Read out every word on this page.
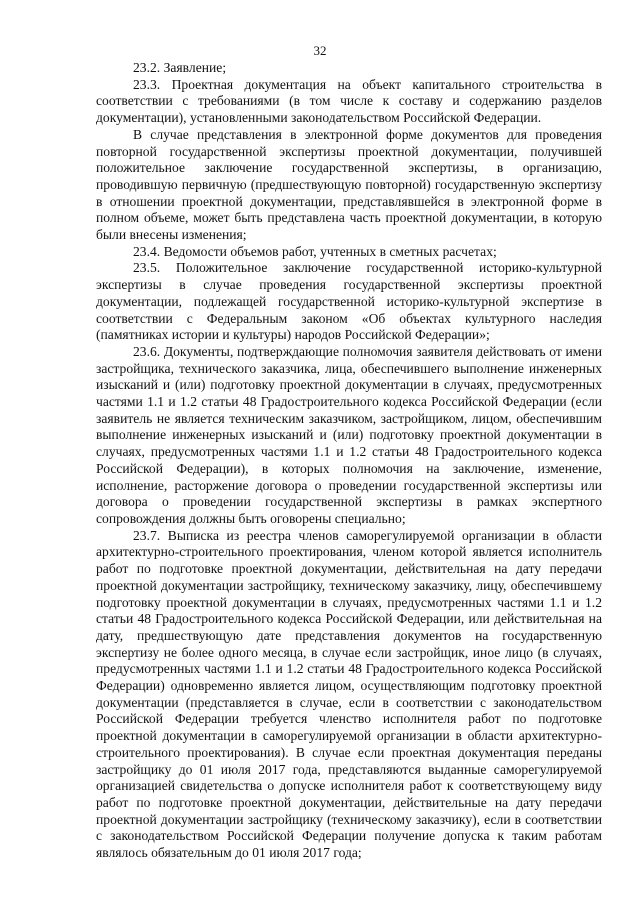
32

23.2. Заявление;

23.3. Проектная документация на объект капитального строительства в соответствии с требованиями (в том числе к составу и содержанию разделов документации), установленными законодательством Российской Федерации.

В случае представления в электронной форме документов для проведения повторной государственной экспертизы проектной документации, получившей положительное заключение государственной экспертизы, в организацию, проводившую первичную (предшествующую повторной) государственную экспертизу в отношении проектной документации, представлявшейся в электронной форме в полном объеме, может быть представлена часть проектной документации, в которую были внесены изменения;

23.4. Ведомости объемов работ, учтенных в сметных расчетах;

23.5. Положительное заключение государственной историко-культурной экспертизы в случае проведения государственной экспертизы проектной документации, подлежащей государственной историко-культурной экспертизе в соответствии с Федеральным законом «Об объектах культурного наследия (памятниках истории и культуры) народов Российской Федерации»;

23.6. Документы, подтверждающие полномочия заявителя действовать от имени застройщика, технического заказчика, лица, обеспечившего выполнение инженерных изысканий и (или) подготовку проектной документации в случаях, предусмотренных частями 1.1 и 1.2 статьи 48 Градостроительного кодекса Российской Федерации (если заявитель не является техническим заказчиком, застройщиком, лицом, обеспечившим выполнение инженерных изысканий и (или) подготовку проектной документации в случаях, предусмотренных частями 1.1 и 1.2 статьи 48 Градостроительного кодекса Российской Федерации), в которых полномочия на заключение, изменение, исполнение, расторжение договора о проведении государственной экспертизы или договора о проведении государственной экспертизы в рамках экспертного сопровождения должны быть оговорены специально;

23.7. Выписка из реестра членов саморегулируемой организации в области архитектурно-строительного проектирования, членом которой является исполнитель работ по подготовке проектной документации, действительная на дату передачи проектной документации застройщику, техническому заказчику, лицу, обеспечившему подготовку проектной документации в случаях, предусмотренных частями 1.1 и 1.2 статьи 48 Градостроительного кодекса Российской Федерации, или действительная на дату, предшествующую дате представления документов на государственную экспертизу не более одного месяца, в случае если застройщик, иное лицо (в случаях, предусмотренных частями 1.1 и 1.2 статьи 48 Градостроительного кодекса Российской Федерации) одновременно является лицом, осуществляющим подготовку проектной документации (представляется в случае, если в соответствии с законодательством Российской Федерации требуется членство исполнителя работ по подготовке проектной документации в саморегулируемой организации в области архитектурно-строительного проектирования). В случае если проектная документация переданы застройщику до 01 июля 2017 года, представляются выданные саморегулируемой организацией свидетельства о допуске исполнителя работ к соответствующему виду работ по подготовке проектной документации, действительные на дату передачи проектной документации застройщику (техническому заказчику), если в соответствии с законодательством Российской Федерации получение допуска к таким работам являлось обязательным до 01 июля 2017 года;
